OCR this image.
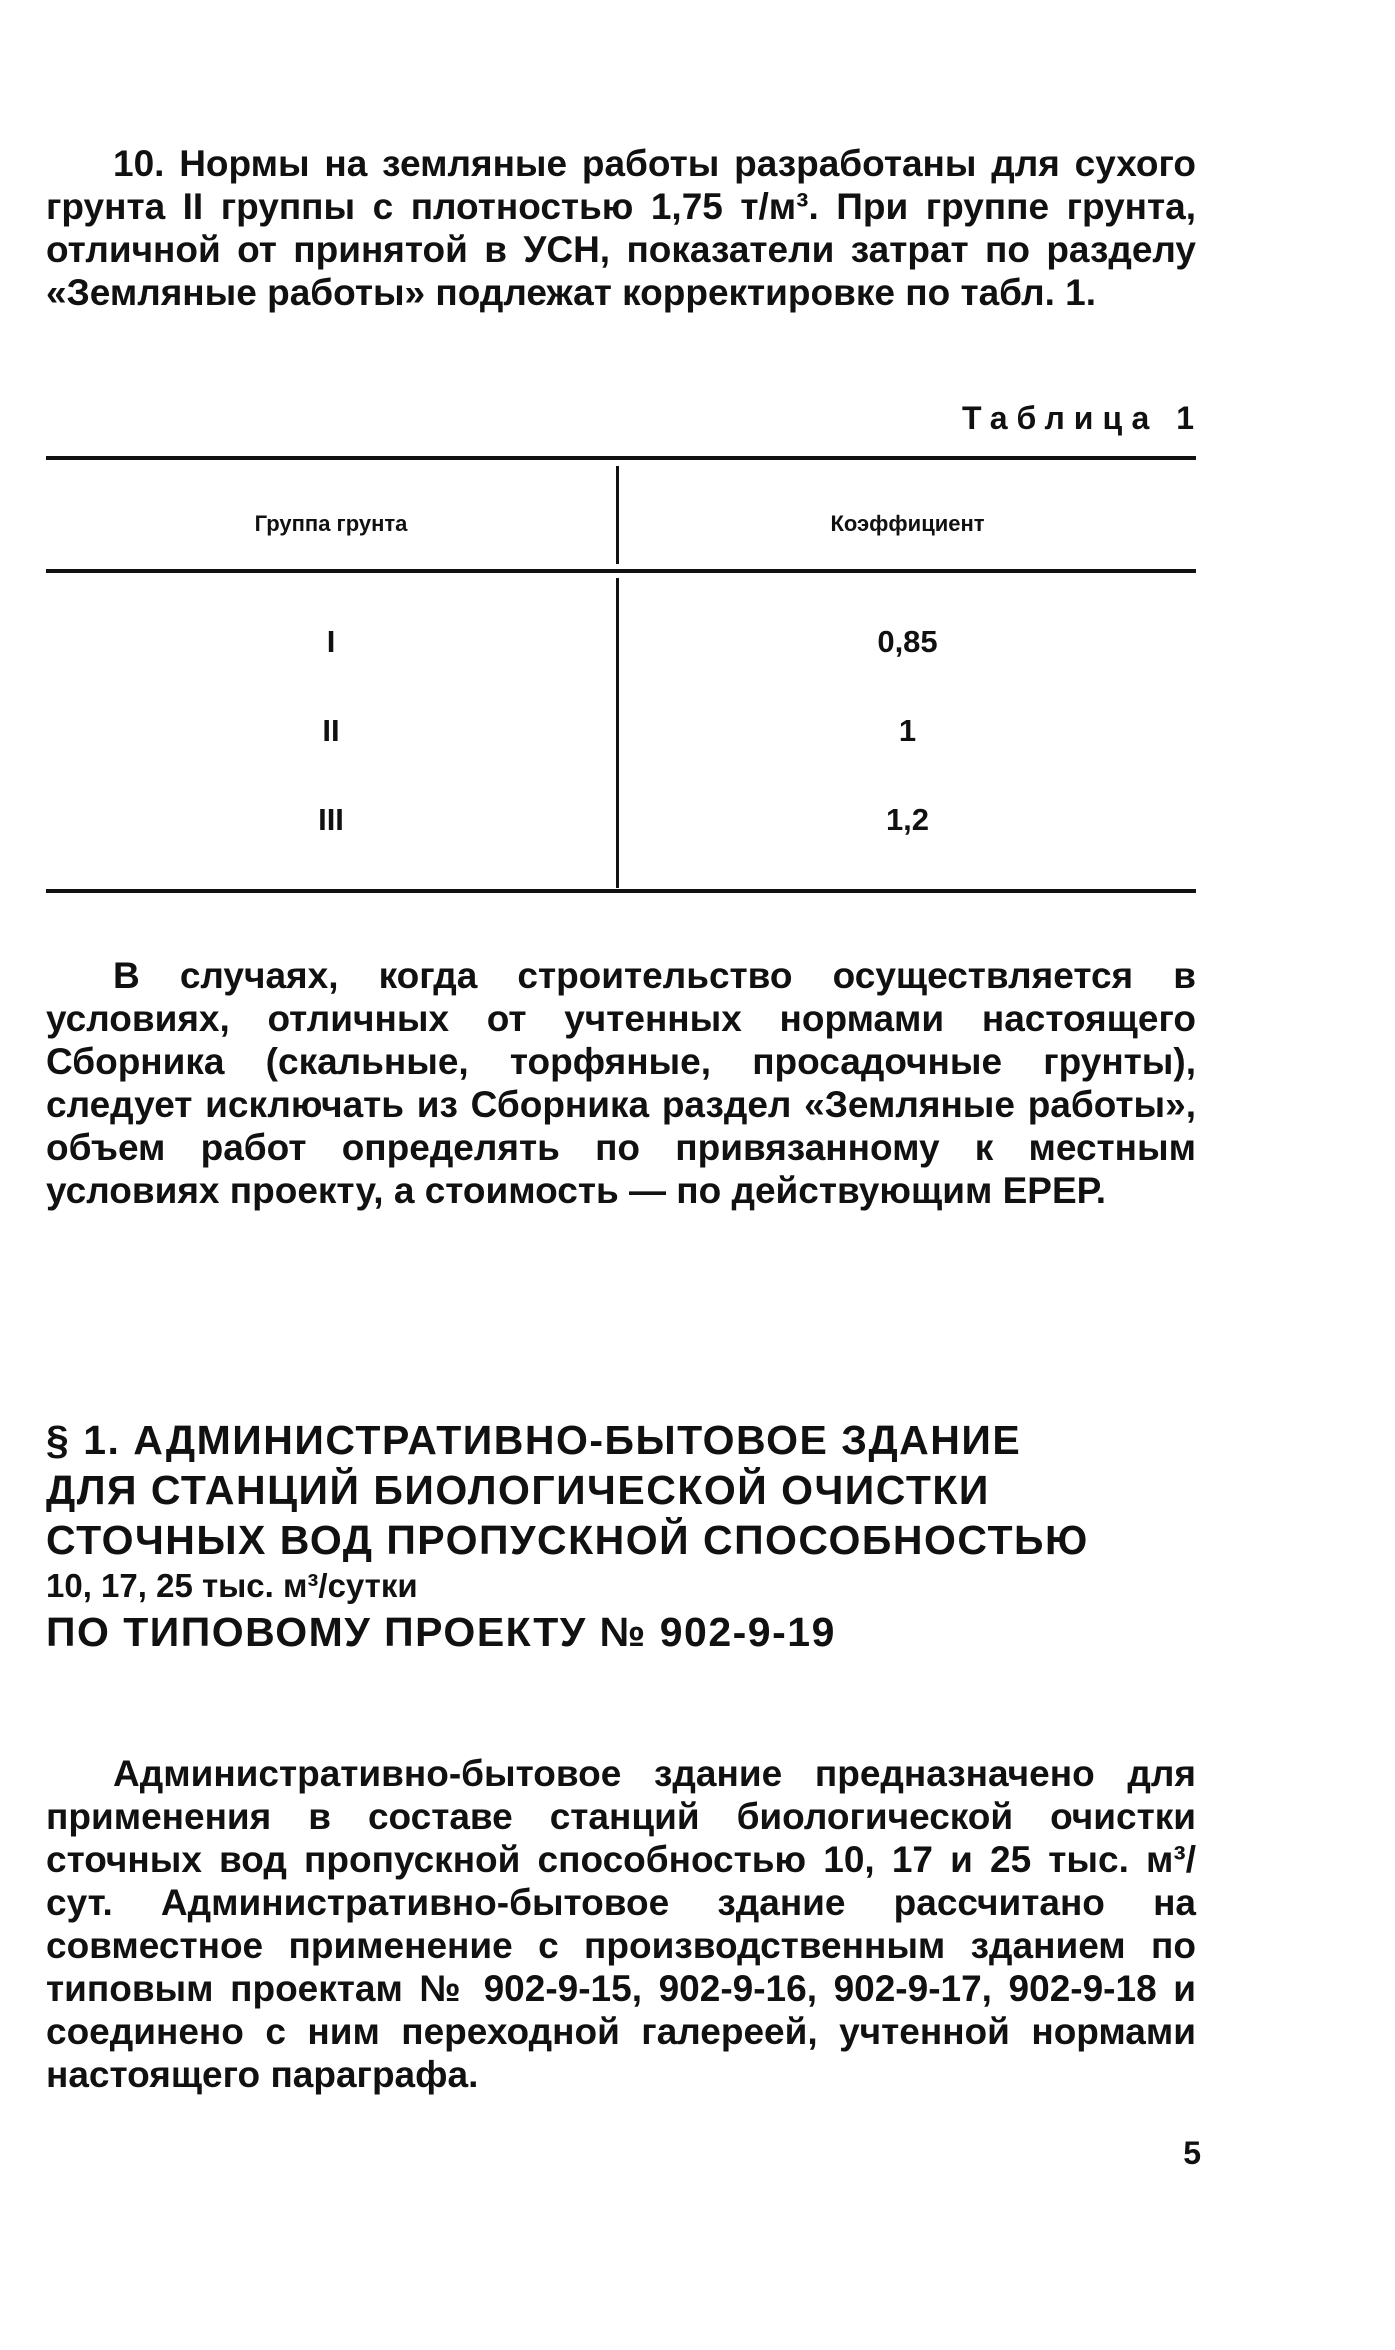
10. Нормы на земляные работы разработаны для сухого грунта II группы с плотностью 1,75 т/м³. При группе грунта, отличной от принятой в УСН, показатели затрат по разделу «Земляные работы» подлежат корректировке по табл. 1.

Таблица 1
Группа грунта	Коэффициент
I	0,85
II	1
III	1,2

В случаях, когда строительство осуществляется в условиях, отличных от учтенных нормами настоящего Сборника (скальные, торфяные, просадочные грунты), следует исключать из Сборника раздел «Земляные работы», объем работ определять по привязанному к местным условиях проекту, а стоимость — по действующим ЕРЕР.

§ 1. АДМИНИСТРАТИВНО-БЫТОВОЕ ЗДАНИЕ
ДЛЯ СТАНЦИЙ БИОЛОГИЧЕСКОЙ ОЧИСТКИ
СТОЧНЫХ ВОД ПРОПУСКНОЙ СПОСОБНОСТЬЮ
10, 17, 25 тыс. м³/сутки
ПО ТИПОВОМУ ПРОЕКТУ № 902-9-19

Административно-бытовое здание предназначено для применения в составе станций биологической очистки сточных вод пропускной способностью 10, 17 и 25 тыс. м³/сут. Административно-бытовое здание рассчитано на совместное применение с производственным зданием по типовым проектам № 902-9-15, 902-9-16, 902-9-17, 902-9-18 и соединено с ним переходной галереей, учтенной нормами настоящего параграфа.

5
